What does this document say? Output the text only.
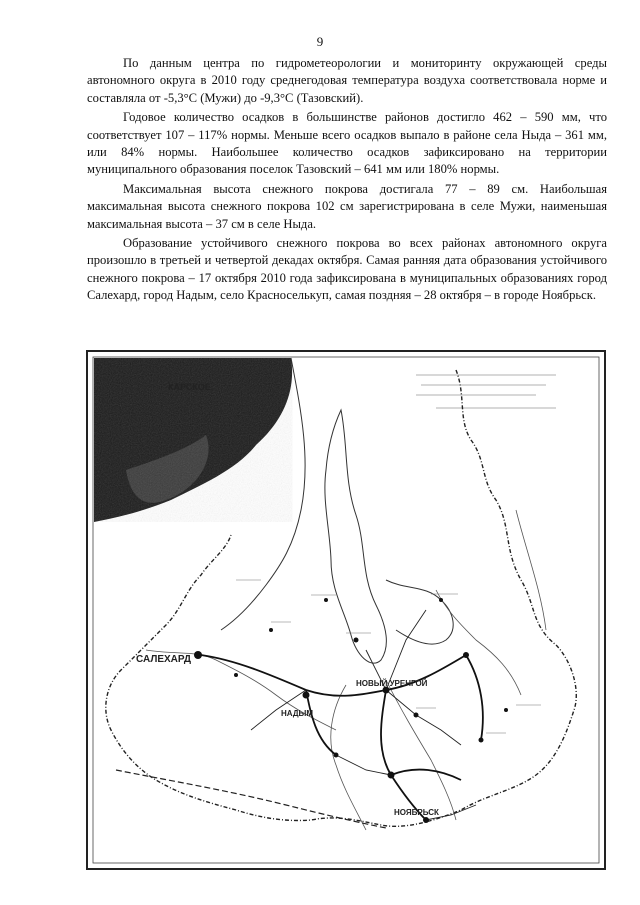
9

По данным центра по гидрометеорологии и мониторинту окружающей среды автономного округа в 2010 году среднегодовая температура воздуха соответствовала норме и составляла от -5,3°С (Мужи) до -9,3°С (Тазовский).

Годовое количество осадков в большинстве районов достигло 462 – 590 мм, что соответствует 107 – 117% нормы. Меньше всего осадков выпало в районе села Ныда – 361 мм, или 84% нормы. Наибольшее количество осадков зафиксировано на территории муниципального образования поселок Тазовский – 641 мм или 180% нормы.

Максимальная высота снежного покрова достигала 77 – 89 см. Наибольшая максимальная высота снежного покрова 102 см зарегистрирована в селе Мужи, наименьшая максимальная высота – 37 см в селе Ныда.

Образование устойчивого снежного покрова во всех районах автономного округа произошло в третьей и четвертой декадах октября. Самая ранняя дата образования устойчивого снежного покрова – 17 октября 2010 года зафиксирована в муниципальных образованиях город Салехард, город Надым, село Красноселькуп, самая поздняя – 28 октября – в городе Ноябрьск.

КАРСКОЕ
САЛЕХАРД
НАДЫМ
НОВЫЙ УРЕНГОЙ
НОЯБРЬСК
